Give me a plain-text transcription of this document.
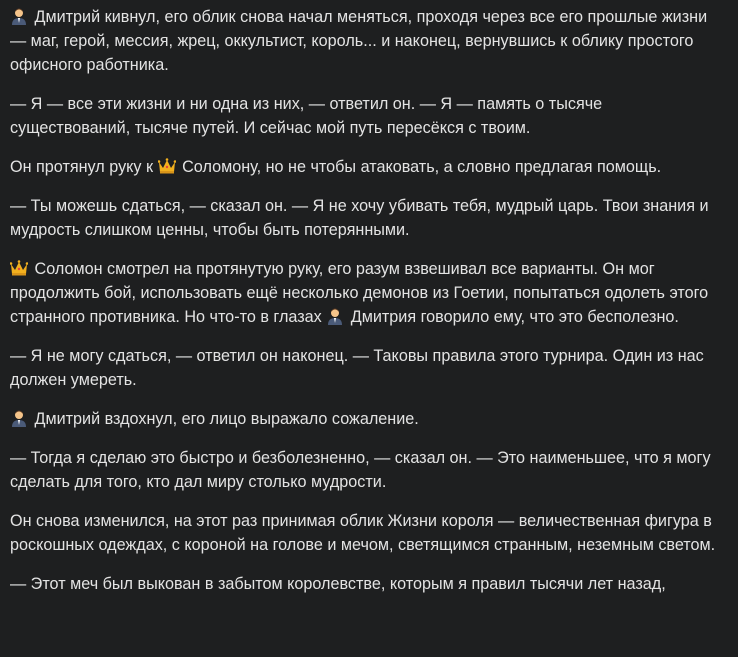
Дмитрий кивнул, его облик снова начал меняться, проходя через все его прошлые жизни — маг, герой, мессия, жрец, оккультист, король... и наконец, вернувшись к облику простого офисного работника.

— Я — все эти жизни и ни одна из них, — ответил он. — Я — память о тысяче существований, тысяче путей. И сейчас мой путь пересёкся с твоим.

Он протянул руку к Соломону, но не чтобы атаковать, а словно предлагая помощь.

— Ты можешь сдаться, — сказал он. — Я не хочу убивать тебя, мудрый царь. Твои знания и мудрость слишком ценны, чтобы быть потерянными.

Соломон смотрел на протянутую руку, его разум взвешивал все варианты. Он мог продолжить бой, использовать ещё несколько демонов из Гоетии, попытаться одолеть этого странного противника. Но что-то в глазах Дмитрия говорило ему, что это бесполезно.

— Я не могу сдаться, — ответил он наконец. — Таковы правила этого турнира. Один из нас должен умереть.

Дмитрий вздохнул, его лицо выражало сожаление.

— Тогда я сделаю это быстро и безболезненно, — сказал он. — Это наименьшее, что я могу сделать для того, кто дал миру столько мудрости.

Он снова изменился, на этот раз принимая облик Жизни короля — величественная фигура в роскошных одеждах, с короной на голове и мечом, светящимся странным, неземным светом.

— Этот меч был выкован в забытом королевстве, которым я правил тысячи лет назад,
